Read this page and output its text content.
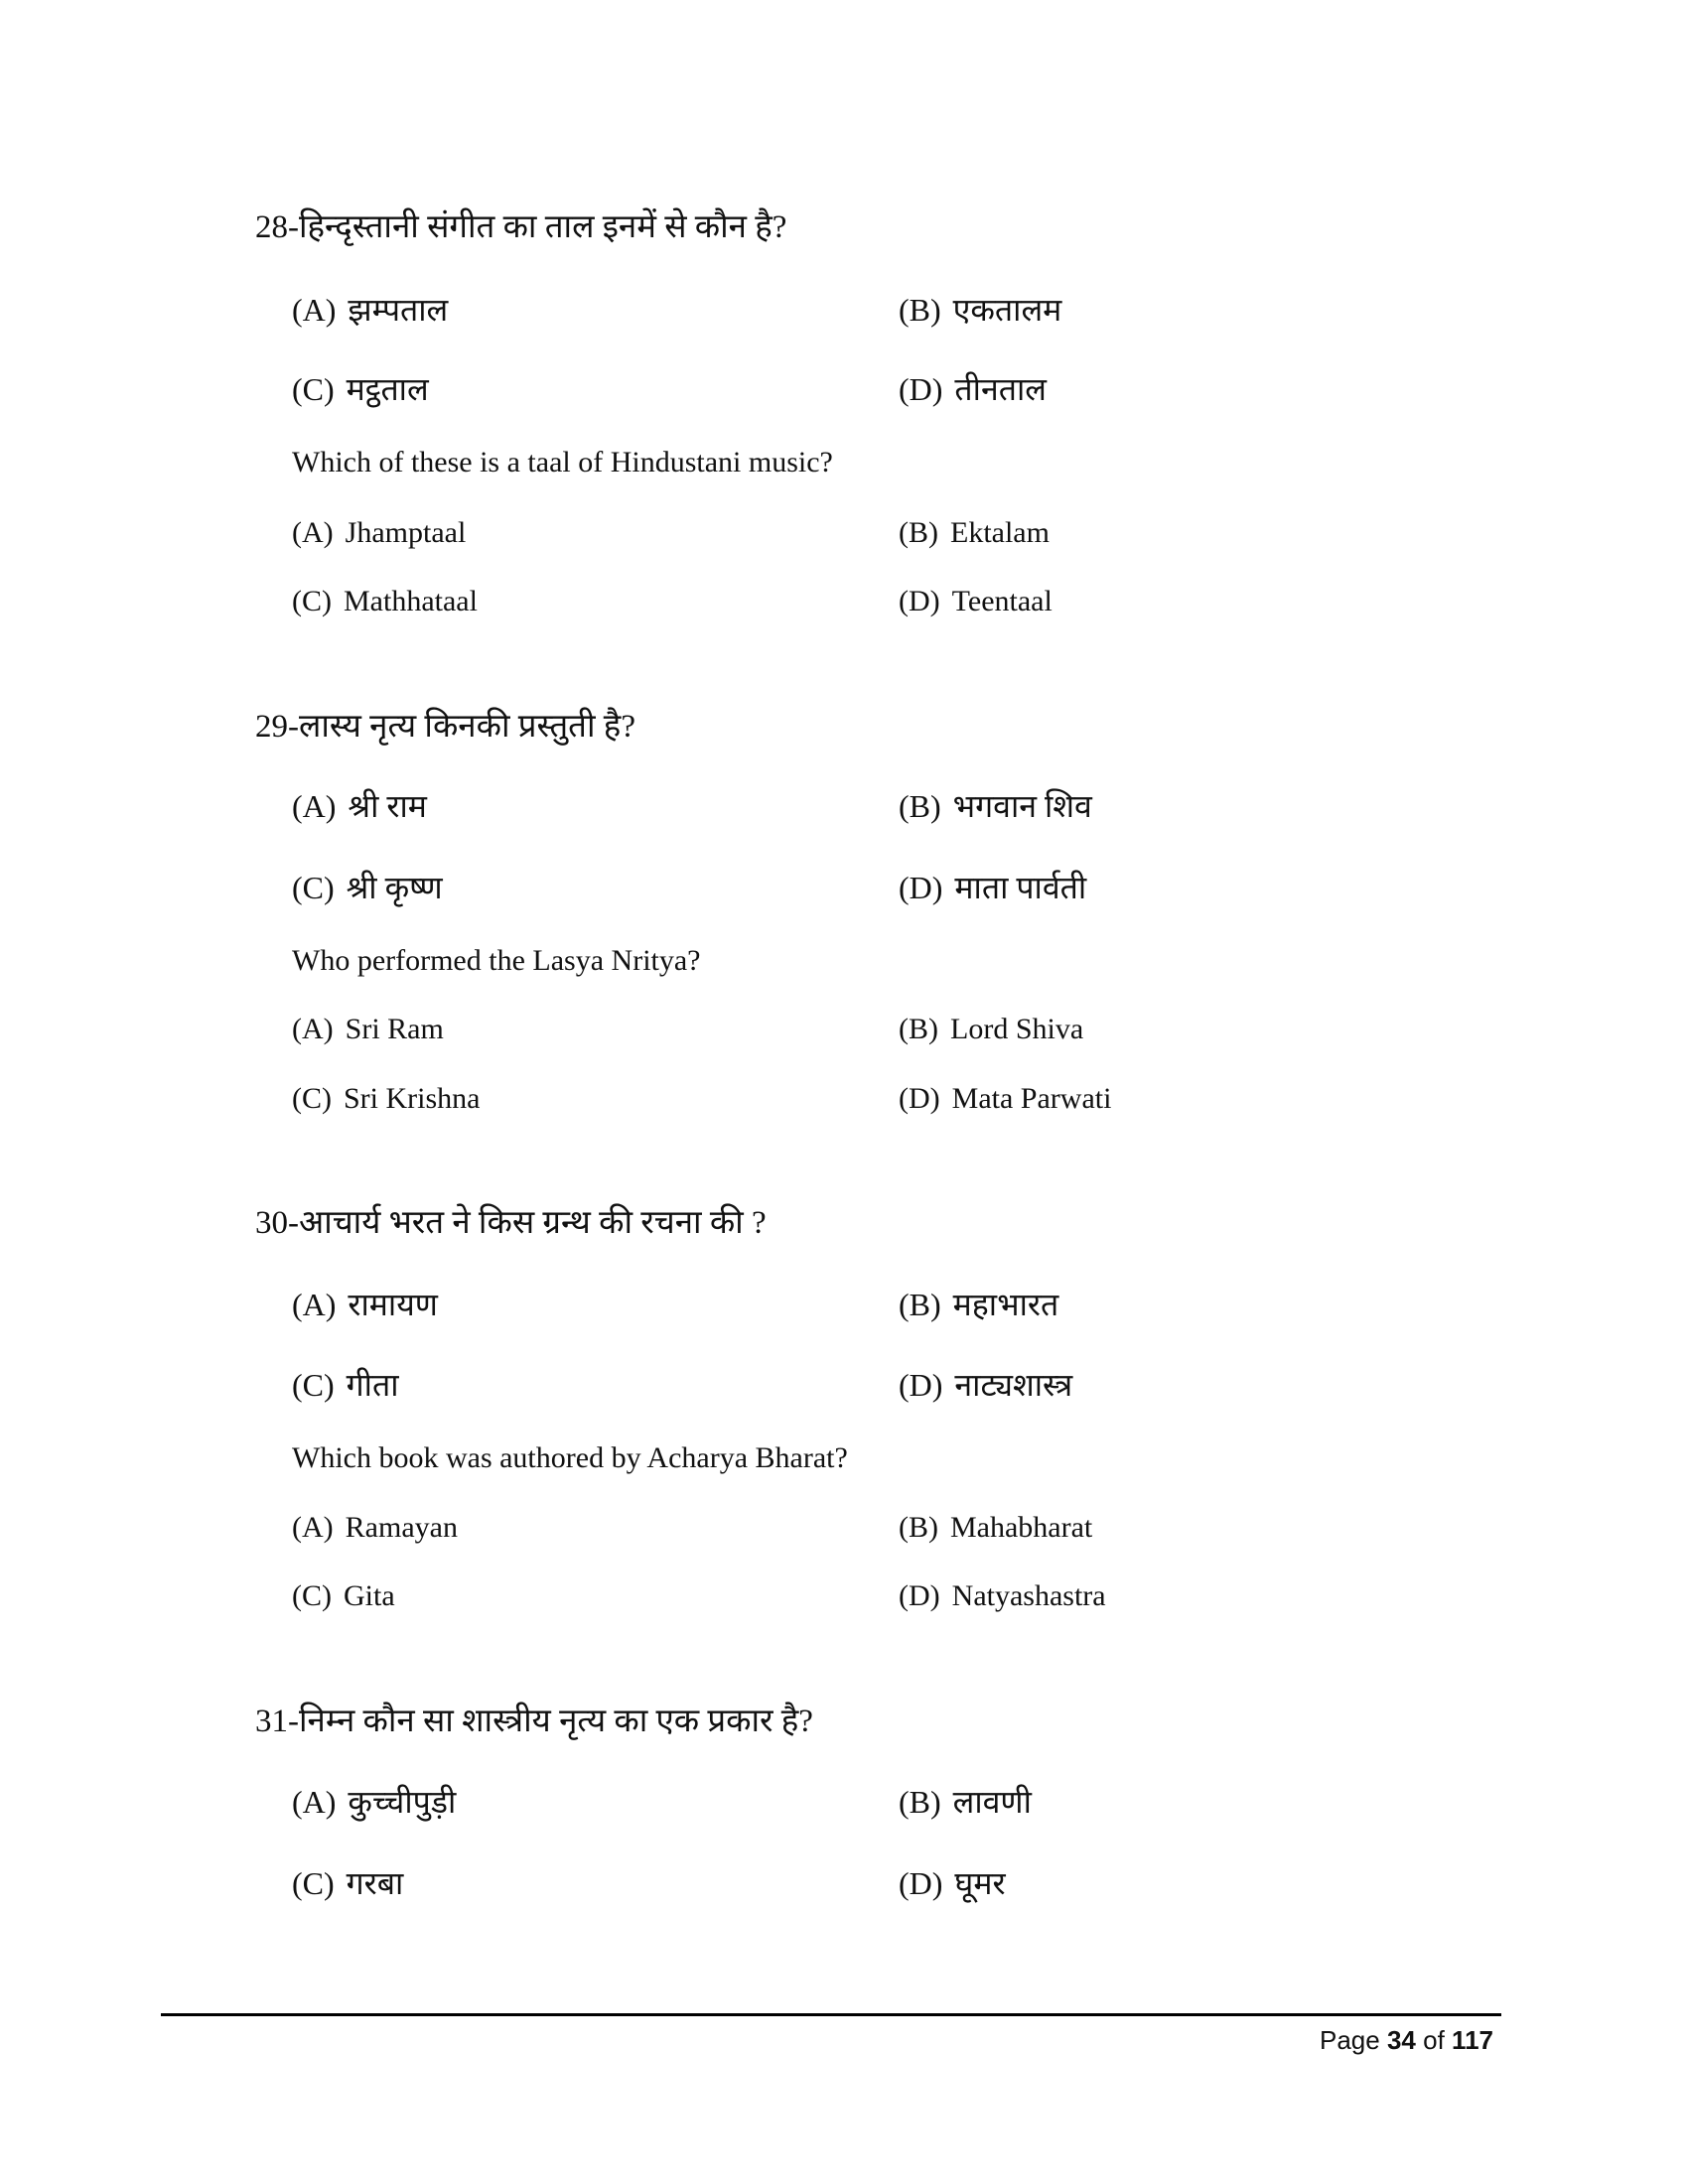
28-हिन्दृस्तानी संगीत का ताल इनमें से कौन है?
(A) झम्पताल	(B) एकतालम
(C) मट्ठताल	(D) तीनताल
Which of these is a taal of Hindustani music?
(A) Jhamptaal	(B) Ektalam
(C) Mathhataal	(D) Teentaal
29-लास्य नृत्य किनकी प्रस्तुती है?
(A) श्री राम	(B) भगवान शिव
(C) श्री कृष्ण	(D) माता पार्वती
Who performed the Lasya Nritya?
(A) Sri Ram	(B) Lord Shiva
(C) Sri Krishna	(D) Mata Parwati
30-आचार्य भरत ने किस ग्रन्थ की रचना की ?
(A) रामायण	(B) महाभारत
(C) गीता	(D) नाट्यशास्त्र
Which book was authored by Acharya Bharat?
(A) Ramayan	(B) Mahabharat
(C) Gita	(D) Natyashastra
31-निम्न कौन सा शास्त्रीय नृत्य का एक प्रकार है?
(A) कुच्चीपुड़ी	(B) लावणी
(C) गरबा	(D) घूमर
Page 34 of 117
